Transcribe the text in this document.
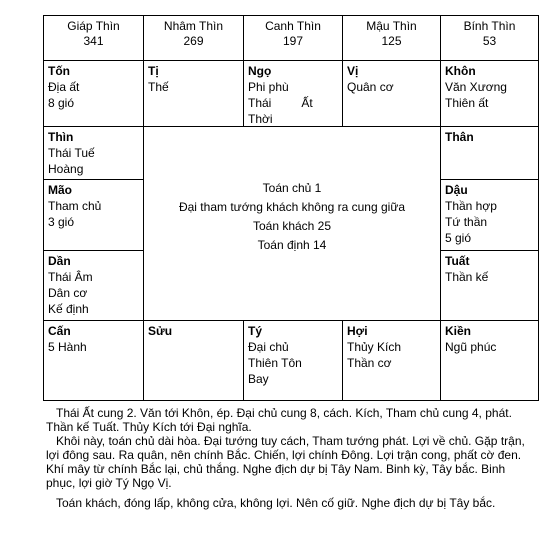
Giáp Thìn
341
Nhâm Thìn
269
Canh Thìn
197
Mậu Thìn
125
Bính Thìn
53
Tốn
Địa ất
8 gió
Tị
Thế
Ngọ
Phi phù
Thái         Ất
Thời
Vị
Quân cơ
Khôn
Văn Xương
Thiên ất
Thìn
Thái Tuế
Hoàng
Mão
Tham chủ
3 gió
Dần
Thái Âm
Dân cơ
Kế định
Toán chủ 1
Đại tham tướng khách không ra cung giữa
Toán khách 25
Toán định 14
Thân
Dậu
Thần hợp
Tứ thần
5 gió
Tuất
Thần kế
Cấn
5 Hành
Sửu	Tý
Đại chủ
Thiên Tôn
Bay
Hợi
Thủy Kích
Thần cơ
Kiền
Ngũ phúc
Thái Ất cung 2. Văn tới Khôn, ép. Đại chủ cung 8, cách. Kích, Tham chủ cung 4, phát. Thần kế Tuất. Thủy Kích tới Đại nghĩa.
Khôi này, toán chủ dài hòa. Đại tướng tuy cách, Tham tướng phát. Lợi về chủ. Gặp trận, lợi đông sau. Ra quân, nên chính Bắc. Chiến, lợi chính Đông. Lợi trận cong, phất cờ đen. Khí mây từ chính Bắc lại, chủ thắng. Nghe địch dự bị Tây Nam. Binh kỳ, Tây bắc. Binh phục, lợi giờ Tý Ngọ Vị.
Toán khách, đóng lấp, không cửa, không lợi. Nên cố giữ. Nghe địch dự bị Tây bắc.
